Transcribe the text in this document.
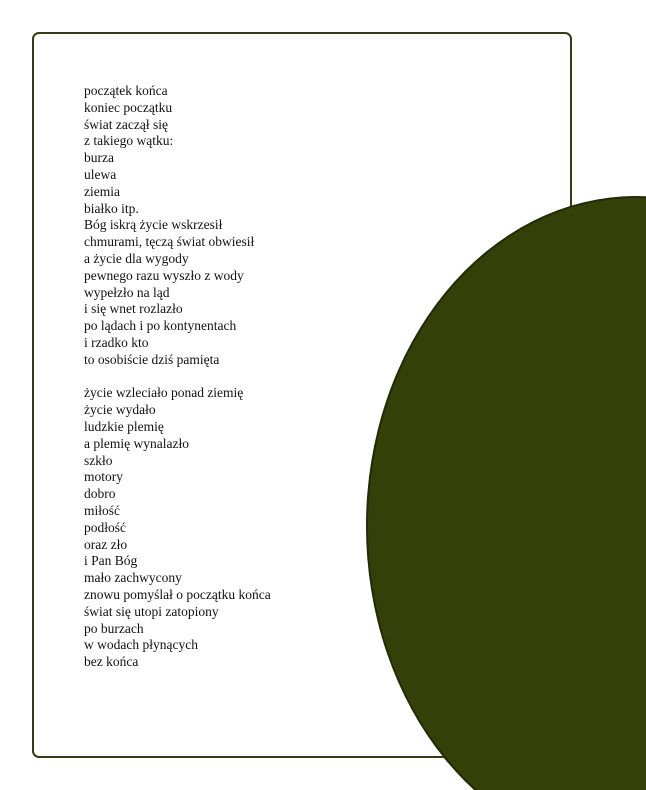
początek końca
koniec początku
świat zaczął się
z takiego wątku:
burza
ulewa
ziemia
białko itp.
Bóg iskrą życie wskrzesił
chmurami, tęczą świat obwiesił
a życie dla wygody
pewnego razu wyszło z wody
wypełzło na ląd
i się wnet rozlazło
po lądach i po kontynentach
i rzadko kto
to osobiście dziś pamięta
życie wzleciało ponad ziemię
życie wydało
ludzkie plemię
a plemię wynalazło
szkło
motory
dobro
miłość
podłość
oraz zło
i Pan Bóg
mało zachwycony
znowu pomyślał o początku końca
świat się utopi zatopiony
po burzach
w wodach płynących
bez końca
